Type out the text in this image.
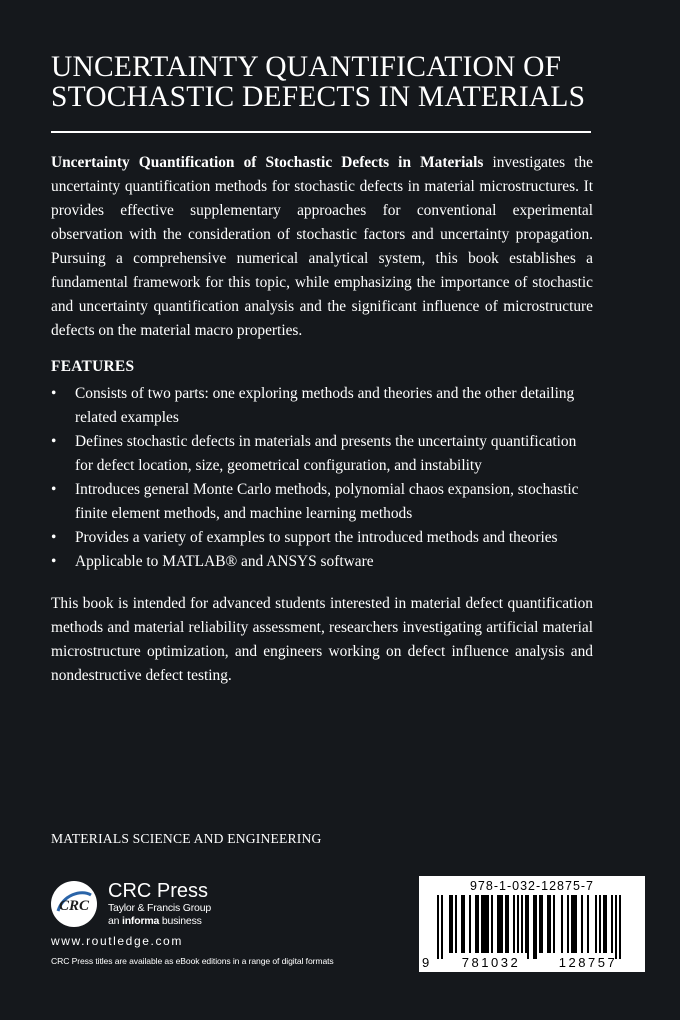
UNCERTAINTY QUANTIFICATION OF
STOCHASTIC DEFECTS IN MATERIALS

Uncertainty Quantification of Stochastic Defects in Materials investigates the uncertainty quantification methods for stochastic defects in material microstructures. It provides effective supplementary approaches for conventional experimental observation with the consideration of stochastic factors and uncertainty propagation. Pursuing a comprehensive numerical analytical system, this book establishes a fundamental framework for this topic, while emphasizing the importance of stochastic and uncertainty quantification analysis and the significant influence of microstructure defects on the material macro properties.

FEATURES
• Consists of two parts: one exploring methods and theories and the other detailing related examples
• Defines stochastic defects in materials and presents the uncertainty quantification for defect location, size, geometrical configuration, and instability
• Introduces general Monte Carlo methods, polynomial chaos expansion, stochastic finite element methods, and machine learning methods
• Provides a variety of examples to support the introduced methods and theories
• Applicable to MATLAB® and ANSYS software

This book is intended for advanced students interested in material defect quantification methods and material reliability assessment, researchers investigating artificial material microstructure optimization, and engineers working on defect influence analysis and nondestructive defect testing.

MATERIALS SCIENCE AND ENGINEERING
CRC
CRC Press
Taylor & Francis Group
an informa business
www.routledge.com
CRC Press titles are available as eBook editions in a range of digital formats
978-1-032-12875-7
9	781032	128757
